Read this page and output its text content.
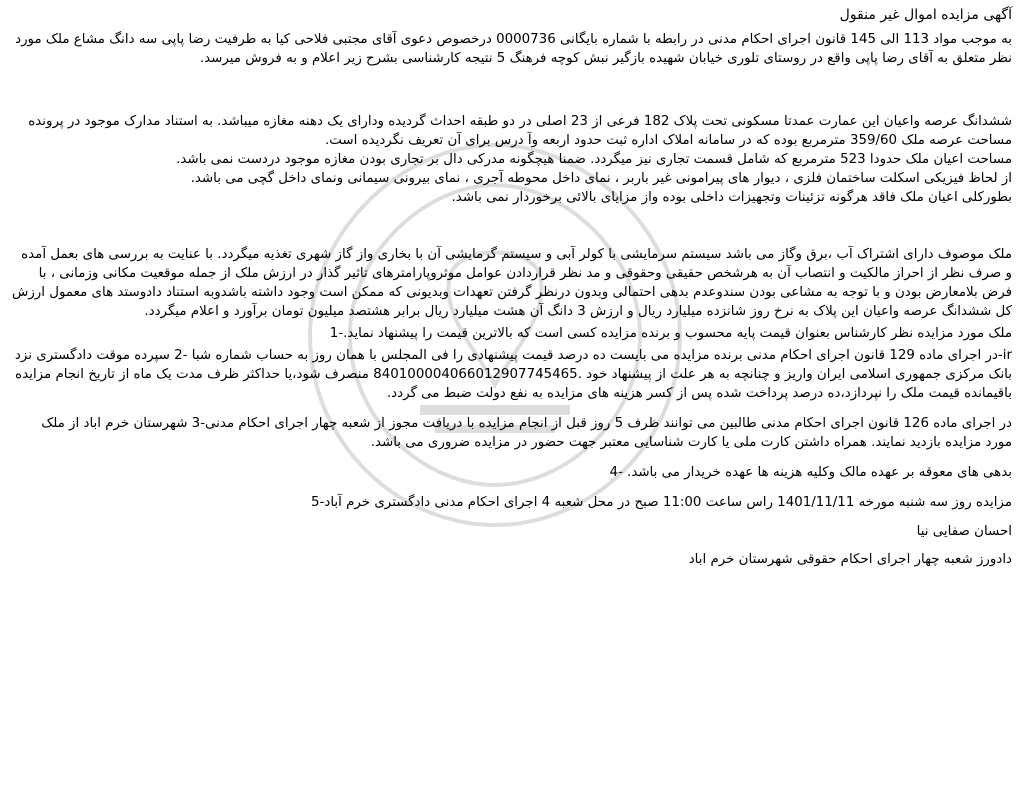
آگهی مزایده اموال غیر منقول

به موجب مواد 113 الی 145 قانون اجرای احکام مدنی در رابطه با شماره بایگانی 0000736 درخصوص دعوی آقای مجتبی فلاحی کیا به طرفیت رضا پاپی سه دانگ مشاع ملک مورد نظر متعلق به آقای رضا پاپی واقع در روستای تلوری خیابان شهیده بازگیر نبش کوچه فرهنگ 5 نتیجه کارشناسی بشرح زیر اعلام و به فروش میرسد.

ششدانگ عرصه واعیان این عمارت عمدتا مسکونی تحت پلاک 182 فرعی از 23 اصلی در دو طبقه احداث گردیده ودارای یک دهنه مغازه میباشد. به استناد مدارک موجود در پرونده مساحت عرصه ملک 359/60 مترمربع بوده که در سامانه املاک اداره ثبت حدود اربعه وآ درس برای آن تعریف نگردیده است.

مساحت اعیان ملک حدودا 523 مترمربع که شامل قسمت تجاری نیز میگردد. ضمنا هیچگونه مدرکی دال بر تجاری بودن مغازه موجود دردست نمی باشد.

از لحاظ فیزیکی اسکلت ساختمان فلزی ، دیوار های پیرامونی غیر باربر ، نمای داخل محوطه آجری ، نمای بیرونی سیمانی ونمای داخل گچی می باشد.

بطورکلی اعیان ملک فاقد هرگونه تزئینات وتجهیزات داخلی بوده واز مزایای بالائی برخوردار نمی باشد.

ملک موصوف دارای اشتراک آب ،برق وگاز می باشد سیستم سرمایشی با کولر آبی و سیستم گرمایشی آن با بخاری واز گاز شهری تغذیه میگردد. با عنایت به بررسی های بعمل آمده و صرف نظر از احراز مالکیت و انتصاب آن به هرشخص حقیقی وحقوقی و مد نظر قراردادن عوامل موثروپارامترهای تاثیر گذار در ارزش ملک از جمله موقعیت مکانی وزمانی ، با فرض بلامعارض بودن و با توجه به مشاعی بودن سندوعدم بدهی احتمالی وبدون درنظر گرفتن تعهدات وبدیونی که ممکن است وجود داشته باشدوبه استناد دادوستد های معمول ارزش کل ششدانگ عرصه واعیان این پلاک به نرخ روز شانزده میلیارد ریال و ارزش 3 دانگ آن هشت میلیارد ریال برابر هشتصد میلیون تومان برآورد و اعلام میگردد.

ملک مورد مزایده نظر کارشناس بعنوان قیمت پایه محسوب و برنده مزایده کسی است که بالاترین قیمت را پیشنهاد نماید.-1

ir-در اجرای ماده 129 قانون اجرای احکام مدنی برنده مزایده می بایست ده درصد قیمت پیشنهادی را فی المجلس با همان روز به حساب شماره شبا -2 سپرده موقت دادگستری نزد بانک مرکزی جمهوری اسلامی ایران واریز و چنانچه به هر علت از پیشنهاد خود .840100004066012907745465 منصرف شود،یا حداکثر ظرف مدت یک ماه از تاریخ انجام مزایده باقیمانده قیمت ملک را نپردازد،ده درصد پرداخت شده پس از کسر هزینه های مزایده به نفع دولت ضبط می گردد.

در اجرای ماده 126 قانون اجرای احکام مدنی طالبین می توانند ظرف 5 روز قبل از انجام مزایده با دریافت مجوز از شعبه چهار اجرای احکام مدنی-3 شهرستان خرم اباد از ملک مورد مزایده بازدید نمایند. همراه داشتن کارت ملی یا کارت شناسایی معتبر جهت حضور در مزایده ضروری می باشد.

بدهی های معوقه بر عهده مالک وکلیه هزینه ها عهده خریدار می باشد. -4

مزایده روز سه شنبه مورخه 1401/11/11 راس ساعت 11:00 صبح در محل شعبه 4 اجرای احکام مدنی دادگستری خرم آباد-5

احسان صفایی نیا

دادورز شعبه چهار اجرای احکام حقوقی شهرستان خرم اباد
